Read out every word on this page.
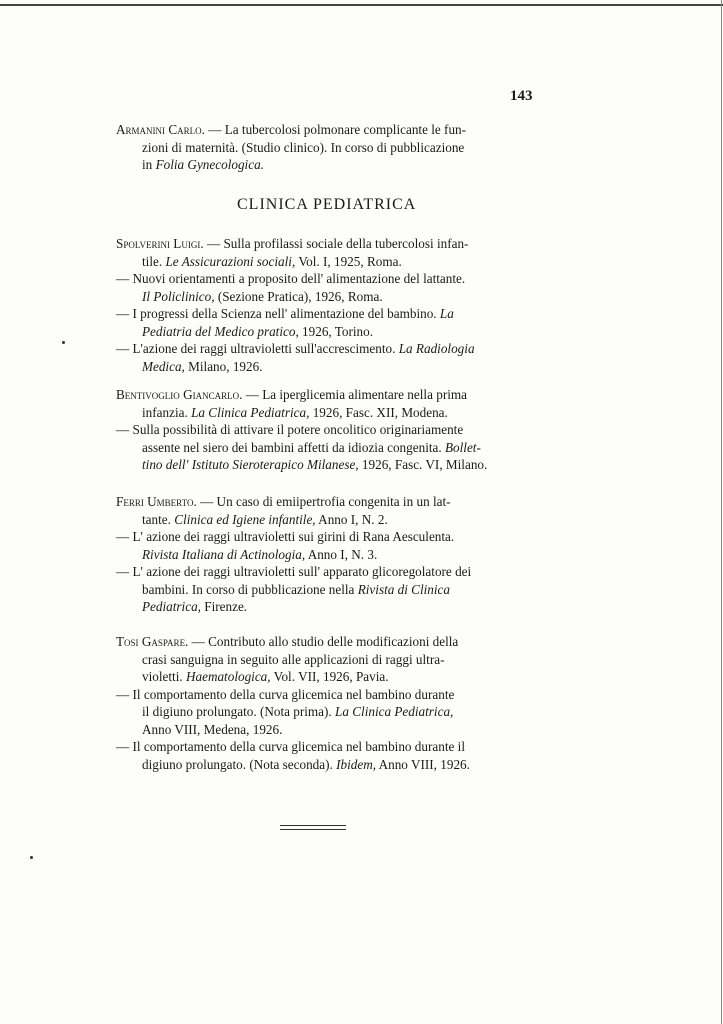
143
Armanini Carlo. — La tubercolosi polmonare complicante le fun-
zioni di maternità. (Studio clinico). In corso di pubblicazione
in Folia Gynecologica.
CLINICA PEDIATRICA
Spolverini Luigi. — Sulla profilassi sociale della tubercolosi infan-
tile. Le Assicurazioni sociali, Vol. I, 1925, Roma.
— Nuovi orientamenti a proposito dell' alimentazione del lattante.
Il Policlinico, (Sezione Pratica), 1926, Roma.
— I progressi della Scienza nell' alimentazione del bambino. La
Pediatria del Medico pratico, 1926, Torino.
— L'azione dei raggi ultravioletti sull'accrescimento. La Radiologia
Medica, Milano, 1926.
Bentivoglio Giancarlo. — La iperglicemia alimentare nella prima
infanzia. La Clinica Pediatrica, 1926, Fasc. XII, Modena.
— Sulla possibilità di attivare il potere oncolitico originariamente
assente nel siero dei bambini affetti da idiozia congenita. Bollet-
tino dell' Istituto Sieroterapico Milanese, 1926, Fasc. VI, Milano.
Ferri Umberto. — Un caso di emiipertrofia congenita in un lat-
tante. Clinica ed Igiene infantile, Anno I, N. 2.
— L' azione dei raggi ultravioletti sui girini di Rana Aesculenta.
Rivista Italiana di Actinologia, Anno I, N. 3.
— L' azione dei raggi ultravioletti sull' apparato glicoregolatore dei
bambini. In corso di pubblicazione nella Rivista di Clinica
Pediatrica, Firenze.
Tosi Gaspare. — Contributo allo studio delle modificazioni della
crasi sanguigna in seguito alle applicazioni di raggi ultra-
violetti. Haematologica, Vol. VII, 1926, Pavia.
— Il comportamento della curva glicemica nel bambino durante
il digiuno prolungato. (Nota prima). La Clinica Pediatrica,
Anno VIII, Medena, 1926.
— Il comportamento della curva glicemica nel bambino durante il
digiuno prolungato. (Nota seconda). Ibidem, Anno VIII, 1926.
